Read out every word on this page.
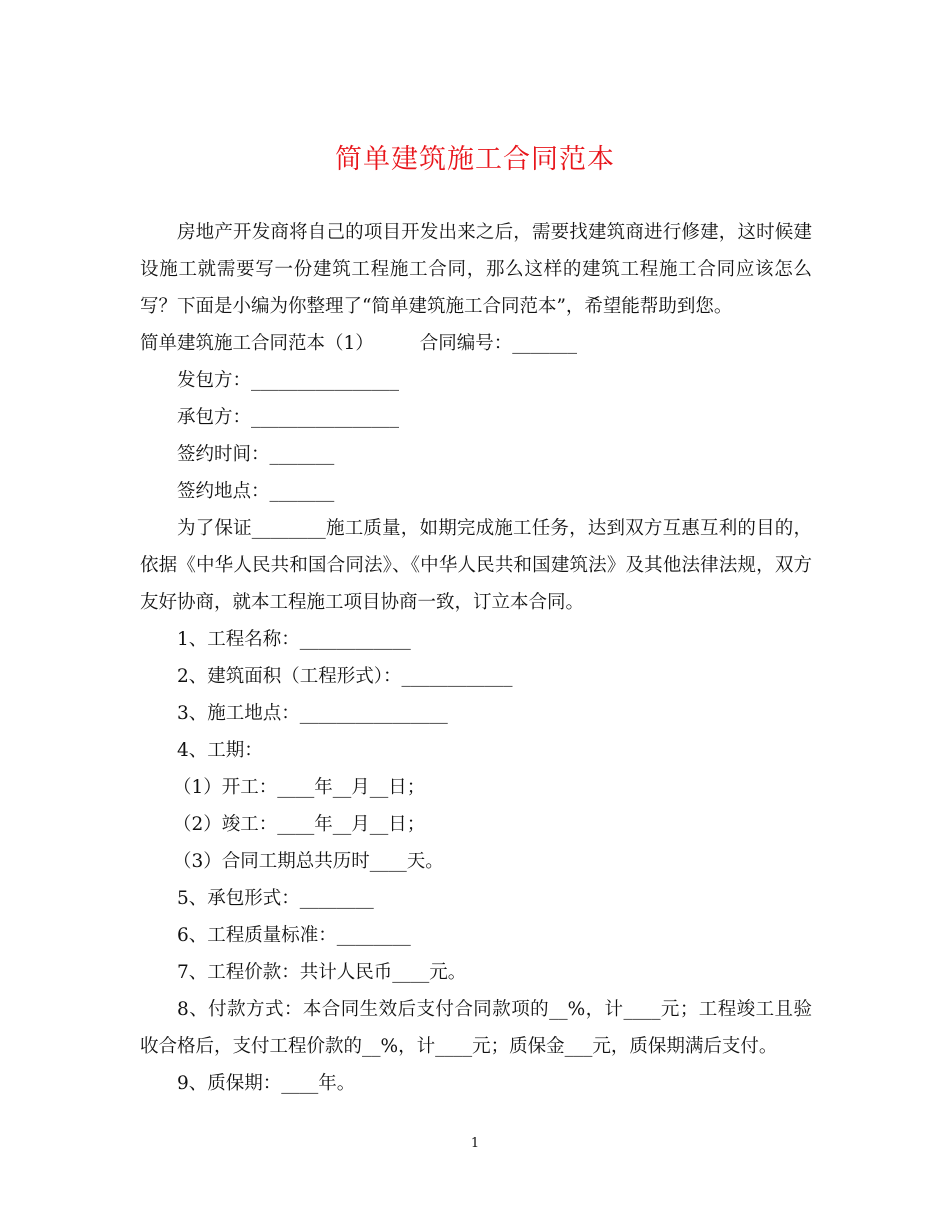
简单建筑施工合同范本

房地产开发商将自己的项目开发出来之后，需要找建筑商进行修建，这时候建设施工就需要写一份建筑工程施工合同，那么这样的建筑工程施工合同应该怎么写？下面是小编为你整理了“简单建筑施工合同范本”，希望能帮助到您。

简单建筑施工合同范本（1） 合同编号：_______

发包方：________________

承包方：________________

签约时间：_______

签约地点：_______

为了保证________施工质量，如期完成施工任务，达到双方互惠互利的目的，依据《中华人民共和国合同法》、《中华人民共和国建筑法》及其他法律法规，双方友好协商，就本工程施工项目协商一致，订立本合同。

1、工程名称：____________

2、建筑面积（工程形式）：____________

3、施工地点：________________

4、工期：

（1）开工：____年__月__日；

（2）竣工：____年__月__日；

（3）合同工期总共历时____天。

5、承包形式：________

6、工程质量标准：________

7、工程价款：共计人民币____元。

8、付款方式：本合同生效后支付合同款项的__%，计____元；工程竣工且验收合格后，支付工程价款的__%，计____元；质保金___元，质保期满后支付。

9、质保期：____年。

1
